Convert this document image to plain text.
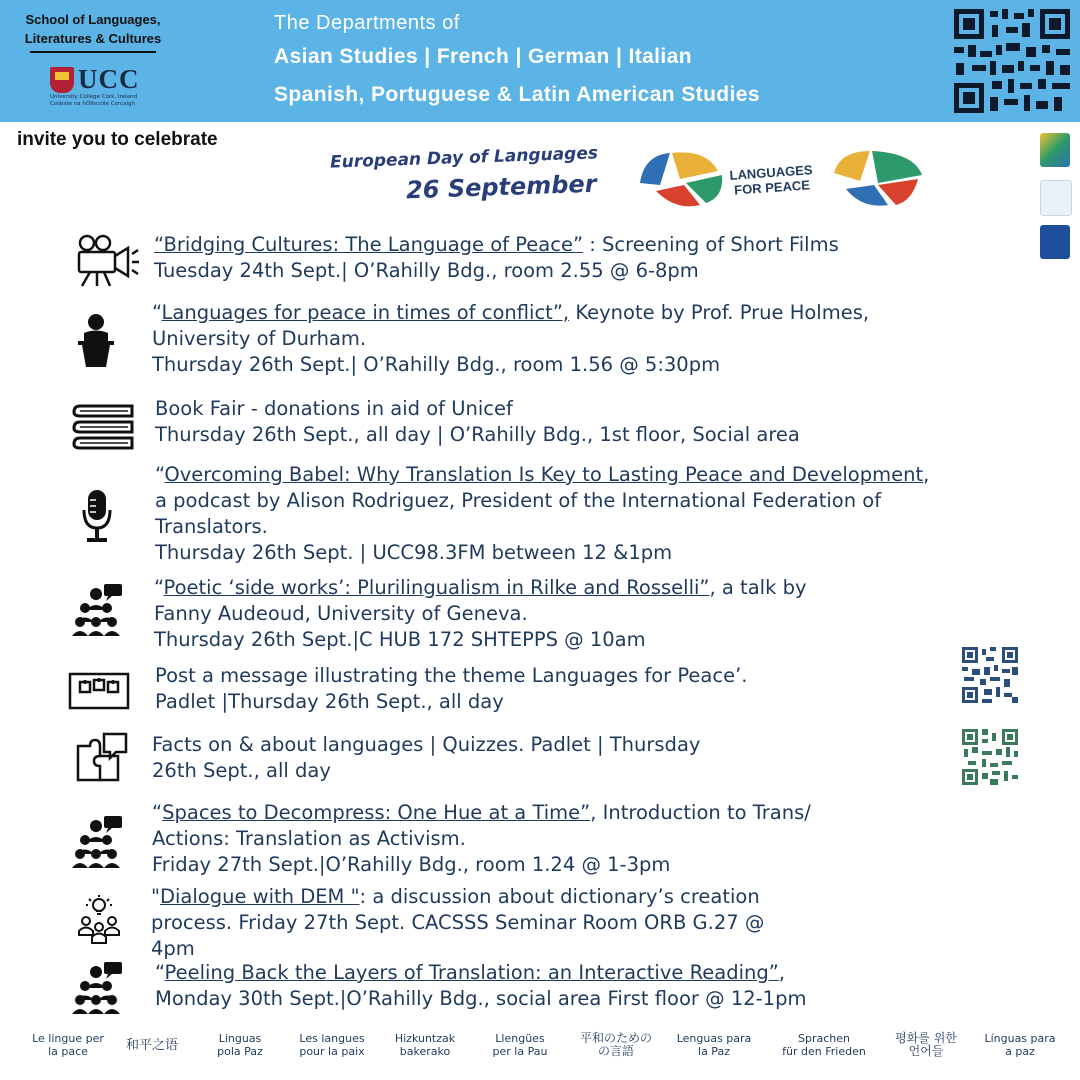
School of Languages,
Literatures & Cultures
UCC
University College Cork, Ireland
Coláiste na hOllscoile Corcaigh
The Departments of
Asian Studies | French | German | Italian
Spanish, Portuguese & Latin American Studies
invite you to celebrate
European Day of Languages
26 September	LANGUAGES
FOR PEACE
“Bridging Cultures: The Language of Peace” : Screening of Short Films
Tuesday 24th Sept.| O’Rahilly Bdg., room 2.55 @ 6-8pm
“Languages for peace in times of conflict”, Keynote by Prof. Prue Holmes,
University of Durham.
Thursday 26th Sept.| O’Rahilly Bdg., room 1.56 @ 5:30pm
Book Fair - donations in aid of Unicef
Thursday 26th Sept., all day | O’Rahilly Bdg., 1st floor, Social area
“Overcoming Babel: Why Translation Is Key to Lasting Peace and Development,
a podcast by Alison Rodriguez, President of the International Federation of
Translators.
Thursday 26th Sept. | UCC98.3FM between 12 &1pm
“Poetic ‘side works’: Plurilingualism in Rilke and Rosselli”, a talk by
Fanny Audeoud, University of Geneva.
Thursday 26th Sept.|C HUB 172 SHTEPPS @ 10am
Post a message illustrating the theme Languages for Peace’.
Padlet |Thursday 26th Sept., all day
Facts on & about languages | Quizzes. Padlet | Thursday
26th Sept., all day
“Spaces to Decompress: One Hue at a Time”, Introduction to Trans/
Actions: Translation as Activism.
Friday 27th Sept.|O’Rahilly Bdg., room 1.24 @ 1-3pm
"Dialogue with DEM ": a discussion about dictionary’s creation
process. Friday 27th Sept. CACSSS Seminar Room ORB G.27 @
4pm
“Peeling Back the Layers of Translation: an Interactive Reading”,
Monday 30th Sept.|O’Rahilly Bdg., social area First floor @ 12-1pm
Le lingue per
la pace	和平之语	Linguas
pola Paz
Les langues
pour la paix
Hizkuntzak
bakerako
Llengües
per la Pau
平和のための
の言語
Lenguas para
la Paz
Sprachen
für den Frieden
평화를 위한
언어들
Línguas para
a paz
